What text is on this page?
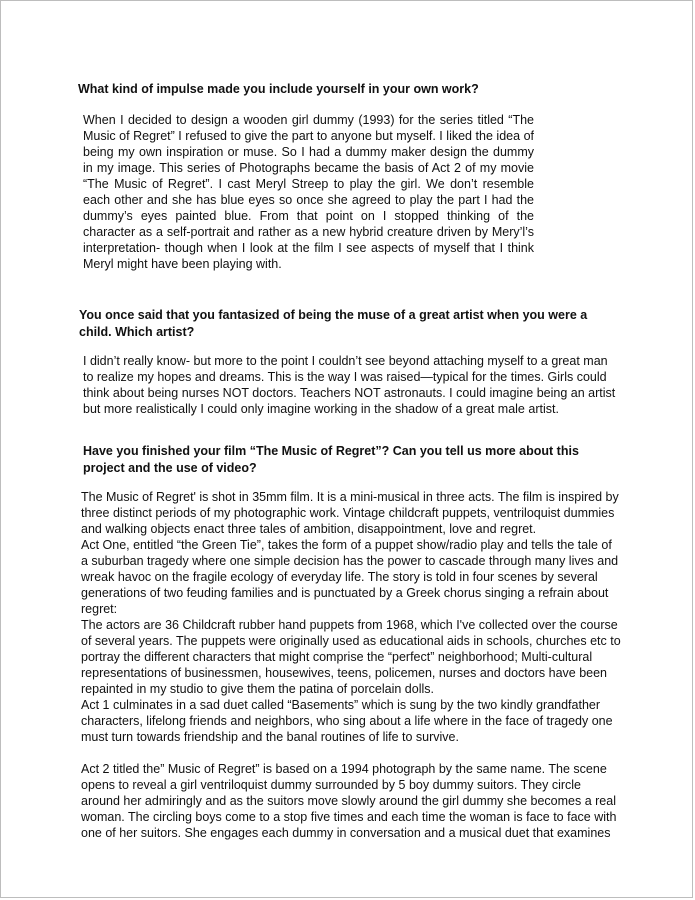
What kind of impulse made you include yourself in your own work?

When I decided to design a wooden girl dummy (1993) for the series titled “The Music of Regret” I refused to give the part to anyone but myself. I liked the idea of being my own inspiration or muse. So I had a dummy maker design the dummy in my image. This series of Photographs became the basis of Act 2 of my movie “The Music of Regret”. I cast Meryl Streep to play the girl. We don’t resemble each other and she has blue eyes so once she agreed to play the part I had the dummy’s eyes painted blue. From that point on I stopped thinking of the character as a self-portrait and rather as a new hybrid creature driven by Mery’l’s interpretation- though when I look at the film I see aspects of myself that I think Meryl might have been playing with.

You once said that you fantasized of being the muse of a great artist when you were a child. Which artist?

I didn’t really know- but more to the point I couldn’t see beyond attaching myself to a great man to realize my hopes and dreams. This is the way I was raised—typical for the times. Girls could think about being nurses NOT doctors. Teachers NOT astronauts. I could imagine being an artist but more realistically I could only imagine working in the shadow of a great male artist.

Have you finished your film “The Music of Regret”? Can you tell us more about this project and the use of video?

The Music of Regret' is shot in 35mm film. It is a mini-musical in three acts. The film is inspired by three distinct periods of my photographic work. Vintage childcraft puppets, ventriloquist dummies and walking objects enact three tales of ambition, disappointment, love and regret.

Act One, entitled “the Green Tie”, takes the form of a puppet show/radio play and tells the tale of a suburban tragedy where one simple decision has the power to cascade through many lives and wreak havoc on the fragile ecology of everyday life. The story is told in four scenes by several generations of two feuding families and is punctuated by a Greek chorus singing a refrain about regret:

The actors are 36 Childcraft rubber hand puppets from 1968, which I've collected over the course of several years. The puppets were originally used as educational aids in schools, churches etc to portray the different characters that might comprise the “perfect” neighborhood; Multi-cultural representations of businessmen, housewives, teens, policemen, nurses and doctors have been repainted in my studio to give them the patina of porcelain dolls.

Act 1 culminates in a sad duet called “Basements” which is sung by the two kindly grandfather characters, lifelong friends and neighbors, who sing about a life where in the face of tragedy one must turn towards friendship and the banal routines of life to survive.

Act 2 titled the” Music of Regret” is based on a 1994 photograph by the same name. The scene opens to reveal a girl ventriloquist dummy surrounded by 5 boy dummy suitors. They circle around her admiringly and as the suitors move slowly around the girl dummy she becomes a real woman. The circling boys come to a stop five times and each time the woman is face to face with one of her suitors. She engages each dummy in conversation and a musical duet that examines
